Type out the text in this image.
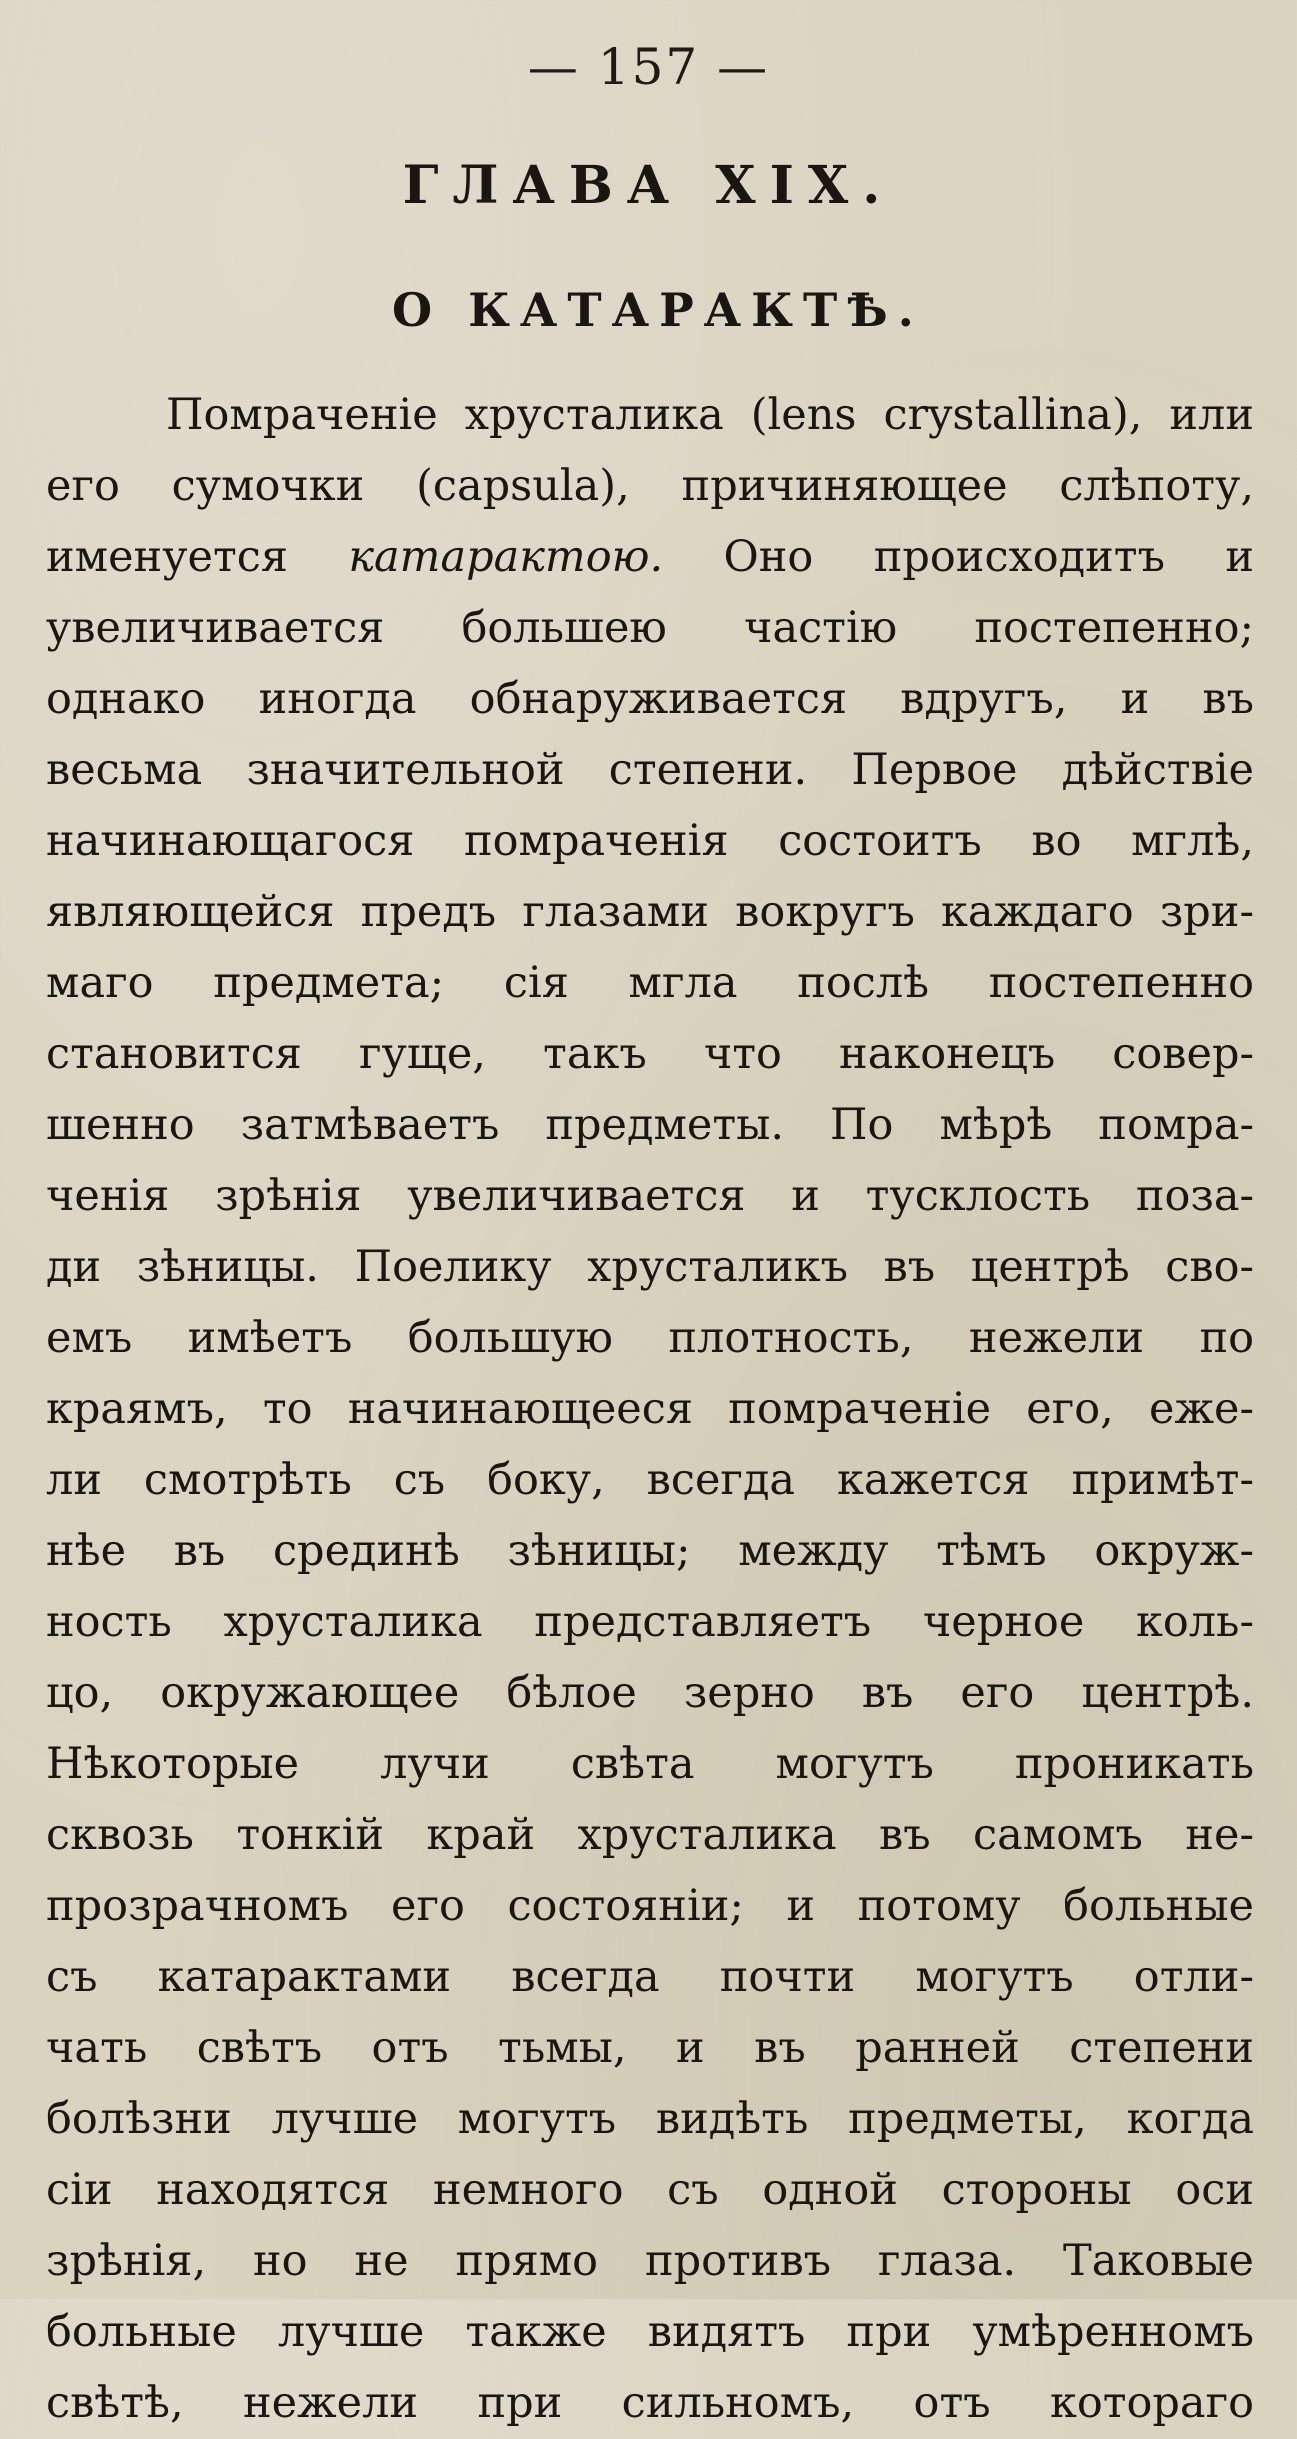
— 157 —
ГЛАВА XIX.
О КАТАРАКТѢ.
Помраченіе хрусталика (lens crystallina), или
его сумочки (capsula), причиняющее слѣпоту,
именуется катарактою. Оно происходитъ и
увеличивается большею частію постепенно;
однако иногда обнаруживается вдругъ, и въ
весьма значительной степени. Первое дѣйствіе
начинающагося помраченія состоитъ во мглѣ,
являющейся предъ глазами вокругъ каждаго зри-
маго предмета; сія мгла послѣ постепенно
становится гуще, такъ что наконецъ совер-
шенно затмѣваетъ предметы. По мѣрѣ помра-
ченія зрѣнія увеличивается и тусклость поза-
ди зѣницы. Поелику хрусталикъ въ центрѣ сво-
емъ имѣетъ большую плотность, нежели по
краямъ, то начинающееся помраченіе его, еже-
ли смотрѣть съ боку, всегда кажется примѣт-
нѣе въ срединѣ зѣницы; между тѣмъ окруж-
ность хрусталика представляетъ черное коль-
цо, окружающее бѣлое зерно въ его центрѣ.
Нѣкоторые лучи свѣта могутъ проникать
сквозь тонкій край хрусталика въ самомъ не-
прозрачномъ его состояніи; и потому больные
съ катарактами всегда почти могутъ отли-
чать свѣтъ отъ тьмы, и въ ранней степени
болѣзни лучше могутъ видѣть предметы, когда
сіи находятся немного съ одной стороны оси
зрѣнія, но не прямо противъ глаза. Таковые
больные лучше также видятъ при умѣренномъ
свѣтѣ, нежели при сильномъ, отъ котораго
